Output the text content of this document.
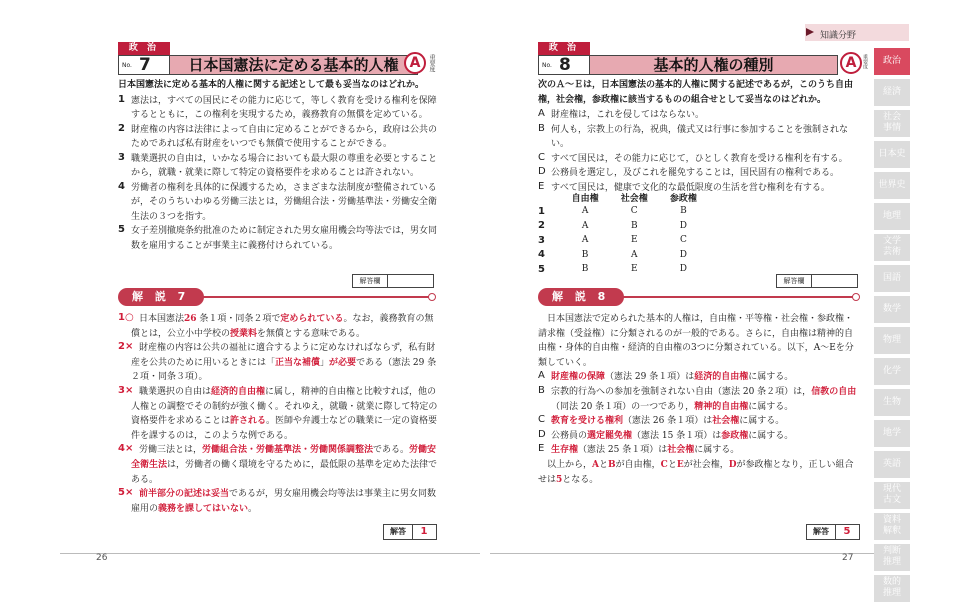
政 治
No. 7	日本国憲法に定める基本的人権 A	重要度
日本国憲法に定める基本的人権に関する記述として最も妥当なのはどれか。
1 憲法は，すべての国民にその能力に応じて，等しく教育を受ける権利を保障するとともに，この権利を実現するため，義務教育の無償を定めている。
2 財産権の内容は法律によって自由に定めることができるから，政府は公共のためであれば私有財産をいつでも無償で使用することができる。
3 職業選択の自由は，いかなる場合においても最大限の尊重を必要とすることから，就職・就業に際して特定の資格要件を求めることは許されない。
4 労働者の権利を具体的に保護するため，さまざまな法制度が整備されているが，そのうちいわゆる労働三法とは，労働組合法・労働基準法・労働安全衛生法の３つを指す。
5 女子差別撤廃条約批准のために制定された男女雇用機会均等法では，男女同数を雇用することが事業主に義務付けられている。
解答欄
解 説 7
1○ 日本国憲法26 条１項・同条２項で定められている。なお，義務教育の無償とは，公立小中学校の授業料を無償とする意味である。
2× 財産権の内容は公共の福祉に適合するように定めなければならず，私有財産を公共のために用いるときには「正当な補償」が必要である（憲法 29 条２項・同条３項）。
3× 職業選択の自由は経済的自由権に属し，精神的自由権と比較すれば，他の人権との調整でその制約が強く働く。それゆえ，就職・就業に際して特定の資格要件を求めることは許される。医師や弁護士などの職業に一定の資格要件を課するのは，このような例である。
4× 労働三法とは，労働組合法・労働基準法・労働関係調整法である。労働安全衛生法は，労働者の働く環境を守るために，最低限の基準を定めた法律である。
5× 前半部分の記述は妥当であるが，男女雇用機会均等法は事業主に男女同数雇用の義務を課してはいない。
解答	1
26
知識分野
政 治
No. 8	基本的人権の種別	A	重要度
次のＡ～Ｅは，日本国憲法の基本的人権に関する記述であるが，このうち自由権，社会権，参政権に該当するものの組合せとして妥当なのはどれか。
A 財産権は，これを侵してはならない。
B 何人も，宗教上の行為，祝典，儀式又は行事に参加することを強制されない。
C すべて国民は，その能力に応じて，ひとしく教育を受ける権利を有する。
D 公務員を選定し，及びこれを罷免することは，国民固有の権利である。
E すべて国民は，健康で文化的な最低限度の生活を営む権利を有する。
	自由権	社会権	参政権
1	A	C	B
2	A	B	D
3	A	E	C
4	B	A	D
5	B	E	D
解答欄
解 説 8
日本国憲法で定められた基本的人権は，自由権・平等権・社会権・参政権・請求権（受益権）に分類されるのが一般的である。さらに，自由権は精神的自由権・身体的自由権・経済的自由権の3つに分類されている。以下，A～Eを分類していく。
A 財産権の保障（憲法 29 条１項）は経済的自由権に属する。
B 宗教的行為への参加を強制されない自由（憲法 20 条２項）は，信教の自由（同法 20 条１項）の一つであり，精神的自由権に属する。
C 教育を受ける権利（憲法 26 条１項）は社会権に属する。
D 公務員の選定罷免権（憲法 15 条１項）は参政権に属する。
E 生存権（憲法 25 条１項）は社会権に属する。
以上から，AとBが自由権，CとEが社会権，Dが参政権となり，正しい組合せは5となる。
解答	5
27
政治
経済
社会
事情
日本史
世界史
地理
文学
芸術
国語
数学
物理
化学
生物
地学
英語
現代
古文
資料
解釈
判断
推理
数的
推理
